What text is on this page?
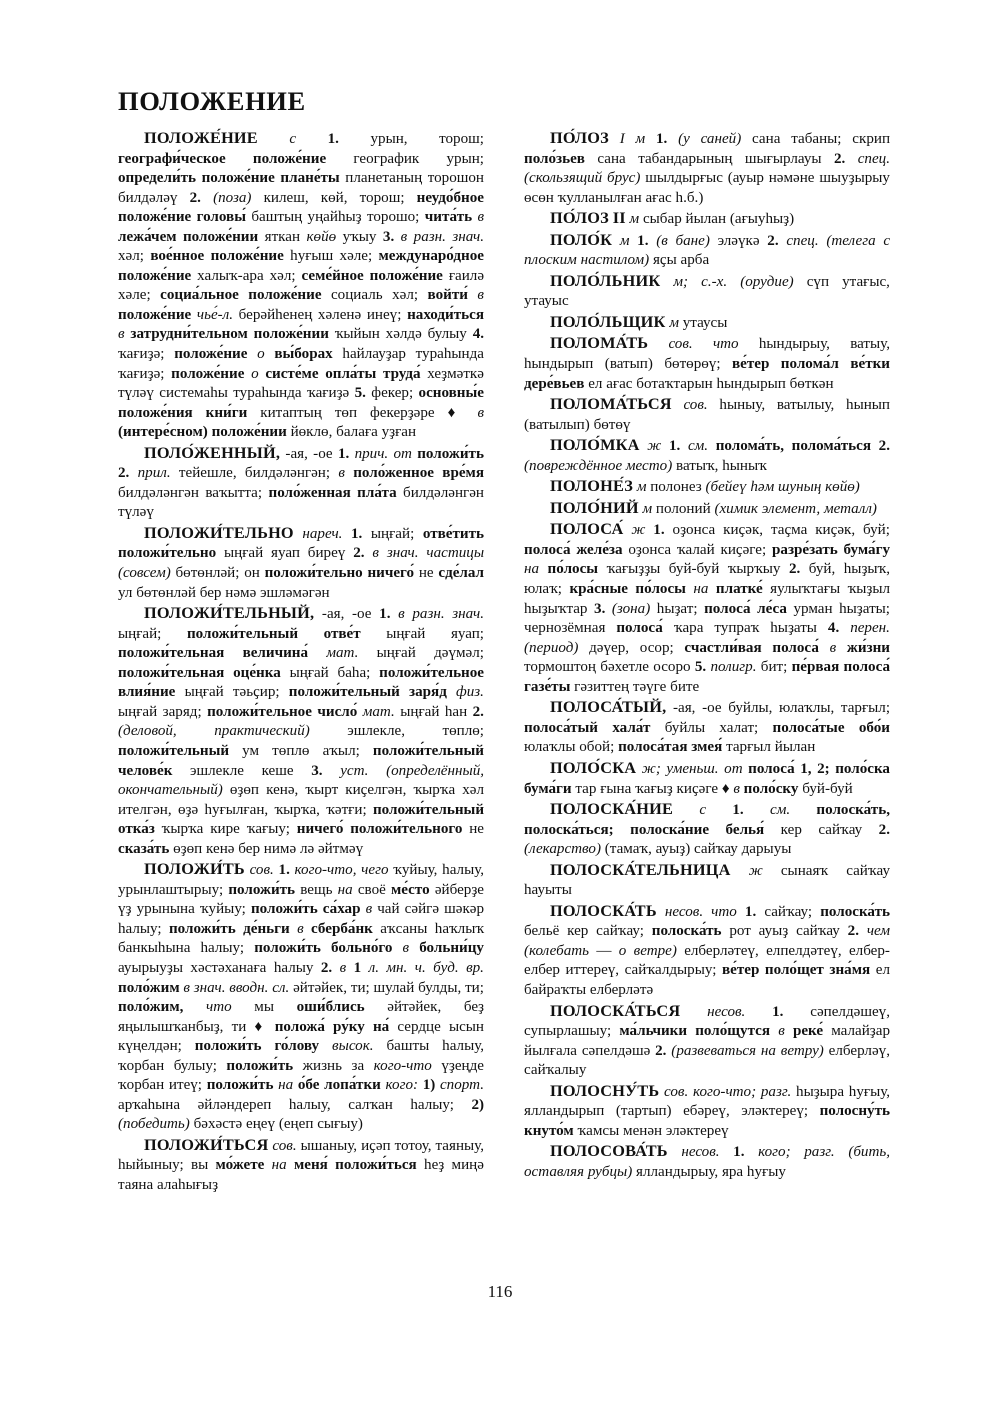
ПОЛОЖЕНИЕ

ПОЛОЖЕ́НИЕ с 1. урын, торош; географи́ческое положе́ние географик урын; определи́ть положе́ние плане́ты планетаның торошон билдәләү 2. (поза) килеш, көй, торош; неудо́бное положе́ние головы́ баштың уңайһыҙ торошо; чита́ть в лежа́чем положе́нии яткан көйө уҡыу 3. в разн. знач. хәл; вое́нное положе́ние һуғыш хәле; междунаро́дное положе́ние халыҡ-ара хәл; семе́йное положе́ние ғаилә хәле; социа́льное положе́ние социаль хәл; войти́ в положе́ние чье́-л. берәйһенең хәленә инеү; находи́ться в затрудни́тельном положе́нии ҡыйын хәлдә булыу 4. ҡағиҙә; положе́ние о вы́борах һайлауҙар тураһында ҡағиҙә; положе́ние о систе́ме опла́ты труда́ хеҙмәткә түләү системаһы тураһында ҡағиҙә 5. фекер; основны́е положе́ния кни́ги китаптың төп фекерҙәре ♦ в (интере́сном) положе́нии йөклө, балаға уҙған

ПОЛО́ЖЕННЫЙ, -ая, -ое 1. прич. от положи́ть 2. прил. тейешле, билдәләнгән; в поло́женное вре́мя билдәләнгән ваҡытта; поло́женная пла́та билдәләнгән түләү

ПОЛОЖИ́ТЕЛЬНО нареч. 1. ыңғай; отве́тить положи́тельно ыңғай яуап биреү 2. в знач. частицы (совсем) бөтөнләй; он положи́тельно ничего́ не сде́лал ул бөтөнләй бер нәмә эшләмәгән

ПОЛОЖИ́ТЕЛЬНЫЙ, -ая, -ое 1. в разн. знач. ыңғай; положи́тельный отве́т ыңғай яуап; положи́тельная величина́ мат. ыңғай дәүмәл; положи́тельная оце́нка ыңғай баһа; положи́тельное влия́ние ыңғай тәьҫир; положи́тельный заря́д физ. ыңғай заряд; положи́тельное число́ мат. ыңғай һан 2. (деловой, практический) эшлекле, төплө; положи́тельный ум төплө аҡыл; положи́тельный челове́к эшлекле кеше 3. уст. (определённый, окончательный) өҙөп кенә, ҡырт киҫелгән, ҡырҡа хәл ителгән, өҙә һуғылған, ҡырҡа, ҡәтғи; положи́тельный отка́з ҡырҡа кире ҡағыу; ничего́ положи́тельного не сказа́ть өҙөп кенә бер нимә лә әйтмәү

ПОЛОЖИ́ТЬ сов. 1. кого-что, чего ҡуйыу, һалыу, урынлаштырыу; положи́ть вещь на своё ме́сто әйберҙе үҙ урынына ҡуйыу; положи́ть са́хар в чай сәйгә шәкәр һалыу; положи́ть де́ньги в сберба́нк аҡсаны һаҡлыҡ банкыһына һалыу; положи́ть больно́го в больни́цу ауырыуҙы хәстәханаға һалыу 2. в 1 л. мн. ч. буд. вр. поло́жим в знач. вводн. сл. әйтәйек, ти; шулай булды, ти; поло́жим, что мы оши́блись әйтәйек, беҙ яңылышҡанбыҙ, ти ♦ положа́ ру́ку на́ сердце ысын күңелдән; положи́ть го́лову высок. башты һалыу, ҡорбан булыу; положи́ть жизнь за кого-что үҙеңде ҡорбан итеү; положи́ть на о́бе лопа́тки кого: 1) спорт. арҡаһына әйләндереп һалыу, салҡан һалыу; 2) (победить) бәхәстә еңеү (еңеп сығыу)

ПОЛОЖИ́ТЬСЯ сов. ышаныу, иҫәп тотоу, таяныу, һыйыныу; вы мо́жете на меня́ положи́ться һеҙ миңә таяна алаһығыҙ

ПО́ЛОЗ I м 1. (у саней) сана табаны; скрип поло́зьев сана табандарының шығырлауы 2. спец. (скользящий брус) шылдырғыс (ауыр нәмәне шыуҙырыу өсөн ҡулланылған ағас һ.б.)

ПО́ЛОЗ II м сыбар йылан (ағыуһыҙ)

ПОЛО́К м 1. (в бане) эләүкә 2. спец. (телега с плоским настилом) яҫы арба

ПОЛО́ЛЬНИК м; с.-х. (орудие) сүп утағыс, утауыс

ПОЛО́ЛЬЩИК м утаусы

ПОЛОМА́ТЬ сов. что һындырыу, ватыу, һындырып (ватып) бөтөрөү; ве́тер полома́л ве́тки дере́вьев ел ағас ботаҡтарын һындырып бөткән

ПОЛОМА́ТЬСЯ сов. һыныу, ватылыу, һынып (ватылып) бөтөү

ПОЛО́МКА ж 1. см. полома́ть, полома́ться 2. (повреждённое место) ватыҡ, һыныҡ

ПОЛОНЕ́З м полонез (бейеү һәм шуның көйө)

ПОЛО́НИЙ м полоний (химик элемент, металл)

ПОЛОСА́ ж 1. оҙонса киҫәк, таҫма киҫәк, буй; полоса́ желе́за оҙонса ҡалай киҫәге; разре́зать бума́гу на по́лосы ҡағыҙҙы буй-буй ҡырҡыу 2. буй, һыҙыҡ, юлаҡ; кра́сные по́лосы на платке́ яулыҡтағы ҡыҙыл һыҙыҡтар 3. (зона) һыҙат; полоса́ ле́са урман һыҙаты; чернозёмная полоса́ ҡара тупраҡ һыҙаты 4. перен. (период) дәүер, осор; счастли́вая полоса́ в жи́зни тормоштоң бәхетле осоро 5. полигр. бит; пе́рвая полоса́ газе́ты гәзиттең тәүге бите

ПОЛОСА́ТЫЙ, -ая, -ое буйлы, юлаҡлы, тарғыл; полоса́тый хала́т буйлы халат; полоса́тые обо́и юлаҡлы обой; полоса́тая змея́ тарғыл йылан

ПОЛО́СКА ж; уменьш. от полоса́ 1, 2; поло́ска бума́ги тар ғына ҡағыҙ киҫәге ♦ в поло́ску буй-буй

ПОЛОСКА́НИЕ с 1. см. полоска́ть, полоска́ться; полоска́ние белья́ кер сайҡау 2. (лекарство) (тамаҡ, ауыҙ) сайҡау дарыуы

ПОЛОСКА́ТЕЛЬНИЦА ж сынаяҡ сайҡау һауыты

ПОЛОСКА́ТЬ несов. что 1. сайҡау; полоска́ть бельё кер сайҡау; полоска́ть рот ауыҙ сайҡау 2. чем (колебать — о ветре) елберләтеү, елпелдәтеү, елбер-елбер иттереү, сайҡалдырыу; ве́тер поло́щет зна́мя ел байраҡты елберләтә

ПОЛОСКА́ТЬСЯ несов. 1. сәпелдәшеү, супырлашыу; ма́льчики поло́щутся в реке́ малайҙар йылғала сәпелдәшә 2. (развеваться на ветру) елберләү, сайҡалыу

ПОЛОСНУ́ТЬ сов. кого-что; разг. һыҙыра һуғыу, ялландырып (тартып) ебәреү, эләктереү; полосну́ть кнуто́м ҡамсы менән эләктереү

ПОЛОСОВА́ТЬ несов. 1. кого; разг. (бить, оставляя рубцы) ялландырыу, яра һуғыу

116
